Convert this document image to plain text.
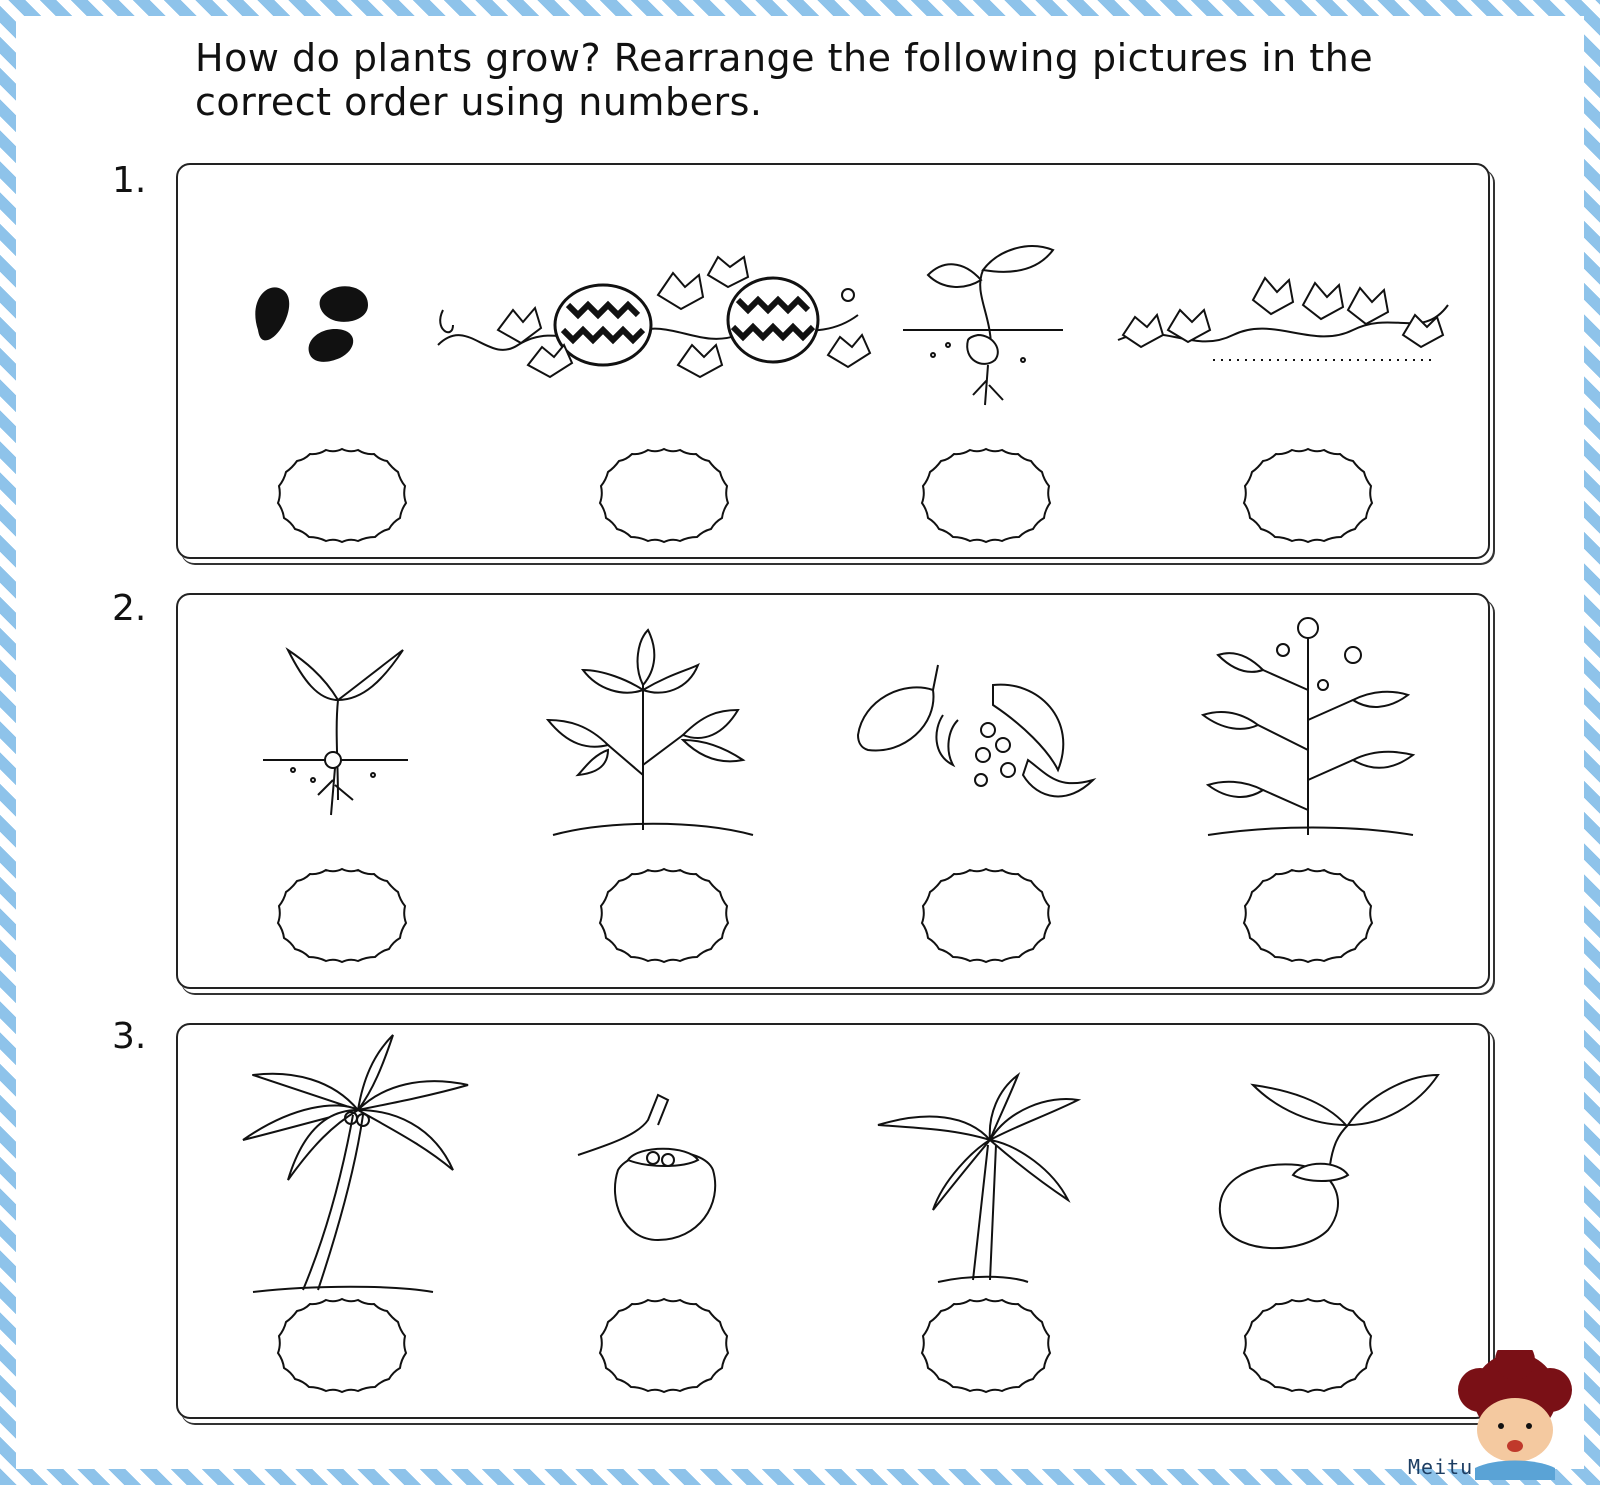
How do plants grow? Rearrange the following pictures in the correct order using numbers.
1.
2.
3.
Meitu
